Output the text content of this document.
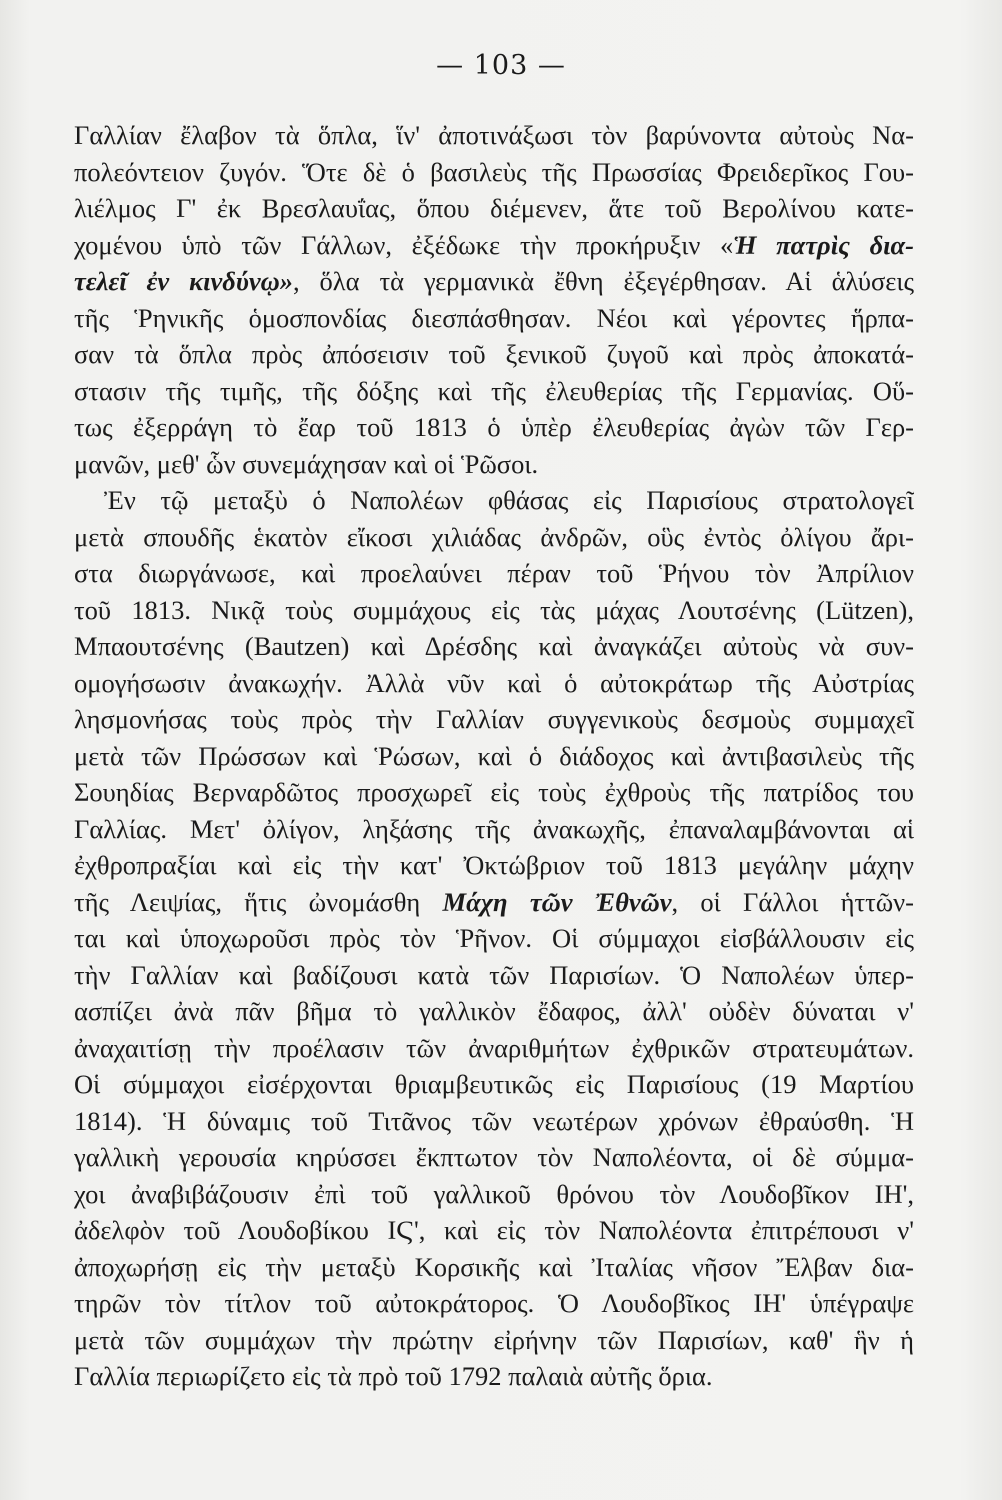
— 103 —
Γαλλίαν ἔλαβον τὰ ὅπλα, ἵν' ἀποτινάξωσι τὸν βαρύνοντα αὐτοὺς Να-
πολεόντειον ζυγόν. Ὅτε δὲ ὁ βασιλεὺς τῆς Πρωσσίας Φρειδερῖκος Γου-
λιέλμος Γ' ἐκ Βρεσλαυΐας, ὅπου διέμενεν, ἅτε τοῦ Βερολίνου κατε-
χομένου ὑπὸ τῶν Γάλλων, ἐξέδωκε τὴν προκήρυξιν «Ἡ πατρὶς δια-
τελεῖ ἐν κινδύνῳ», ὅλα τὰ γερμανικὰ ἔθνη ἐξεγέρθησαν. Αἱ ἁλύσεις
τῆς Ῥηνικῆς ὁμοσπονδίας διεσπάσθησαν. Νέοι καὶ γέροντες ἥρπα-
σαν τὰ ὅπλα πρὸς ἀπόσεισιν τοῦ ξενικοῦ ζυγοῦ καὶ πρὸς ἀποκατά-
στασιν τῆς τιμῆς, τῆς δόξης καὶ τῆς ἐλευθερίας τῆς Γερμανίας. Οὕ-
τως ἐξερράγη τὸ ἔαρ τοῦ 1813 ὁ ὑπὲρ ἐλευθερίας ἀγὼν τῶν Γερ-
μανῶν, μεθ' ὧν συνεμάχησαν καὶ οἱ Ῥῶσοι.
Ἐν τῷ μεταξὺ ὁ Ναπολέων φθάσας εἰς Παρισίους στρατολογεῖ
μετὰ σπουδῆς ἑκατὸν εἴκοσι χιλιάδας ἀνδρῶν, οὓς ἐντὸς ὀλίγου ἄρι-
στα διωργάνωσε, καὶ προελαύνει πέραν τοῦ Ῥήνου τὸν Ἀπρίλιον
τοῦ 1813. Νικᾷ τοὺς συμμάχους εἰς τὰς μάχας Λουτσένης (Lützen),
Μπαουτσένης (Bautzen) καὶ Δρέσδης καὶ ἀναγκάζει αὐτοὺς νὰ συν-
ομογήσωσιν ἀνακωχήν. Ἀλλὰ νῦν καὶ ὁ αὐτοκράτωρ τῆς Αὐστρίας
λησμονήσας τοὺς πρὸς τὴν Γαλλίαν συγγενικοὺς δεσμοὺς συμμαχεῖ
μετὰ τῶν Πρώσσων καὶ Ῥώσων, καὶ ὁ διάδοχος καὶ ἀντιβασιλεὺς τῆς
Σουηδίας Βερναρδῶτος προσχωρεῖ εἰς τοὺς ἐχθροὺς τῆς πατρίδος του
Γαλλίας. Μετ' ὀλίγον, ληξάσης τῆς ἀνακωχῆς, ἐπαναλαμβάνονται αἱ
ἐχθροπραξίαι καὶ εἰς τὴν κατ' Ὀκτώβριον τοῦ 1813 μεγάλην μάχην
τῆς Λειψίας, ἥτις ὠνομάσθη Μάχη τῶν Ἐθνῶν, οἱ Γάλλοι ἡττῶν-
ται καὶ ὑποχωροῦσι πρὸς τὸν Ῥῆνον. Οἱ σύμμαχοι εἰσβάλλουσιν εἰς
τὴν Γαλλίαν καὶ βαδίζουσι κατὰ τῶν Παρισίων. Ὁ Ναπολέων ὑπερ-
ασπίζει ἀνὰ πᾶν βῆμα τὸ γαλλικὸν ἔδαφος, ἀλλ' οὐδὲν δύναται ν'
ἀναχαιτίσῃ τὴν προέλασιν τῶν ἀναριθμήτων ἐχθρικῶν στρατευμάτων.
Οἱ σύμμαχοι εἰσέρχονται θριαμβευτικῶς εἰς Παρισίους (19 Μαρτίου
1814). Ἡ δύναμις τοῦ Τιτᾶνος τῶν νεωτέρων χρόνων ἐθραύσθη. Ἡ
γαλλικὴ γερουσία κηρύσσει ἔκπτωτον τὸν Ναπολέοντα, οἱ δὲ σύμμα-
χοι ἀναβιβάζουσιν ἐπὶ τοῦ γαλλικοῦ θρόνου τὸν Λουδοβῖκον ΙΗ',
ἀδελφὸν τοῦ Λουδοβίκου ΙϚ', καὶ εἰς τὸν Ναπολέοντα ἐπιτρέπουσι ν'
ἀποχωρήσῃ εἰς τὴν μεταξὺ Κορσικῆς καὶ Ἰταλίας νῆσον Ἔλβαν δια-
τηρῶν τὸν τίτλον τοῦ αὐτοκράτορος. Ὁ Λουδοβῖκος ΙΗ' ὑπέγραψε
μετὰ τῶν συμμάχων τὴν πρώτην εἰρήνην τῶν Παρισίων, καθ' ἣν ἡ
Γαλλία περιωρίζετο εἰς τὰ πρὸ τοῦ 1792 παλαιὰ αὐτῆς ὅρια.
